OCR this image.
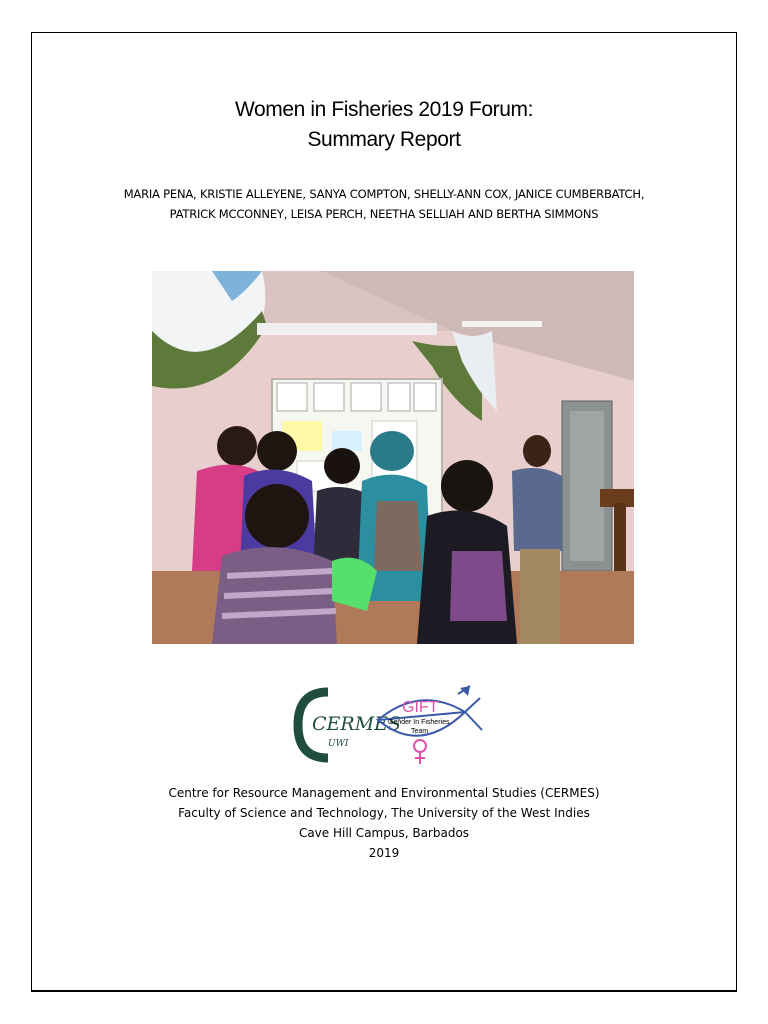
Women in Fisheries 2019 Forum:
Summary Report
MARIA PENA, KRISTIE ALLEYENE, SANYA COMPTON, SHELLY-ANN COX, JANICE CUMBERBATCH,
PATRICK MCCONNEY, LEISA PERCH, NEETHA SELLIAH AND BERTHA SIMMONS
CERMES
UWI
GIFT
Gender In Fisheries
Team
Centre for Resource Management and Environmental Studies (CERMES)
Faculty of Science and Technology, The University of the West Indies
Cave Hill Campus, Barbados
2019
